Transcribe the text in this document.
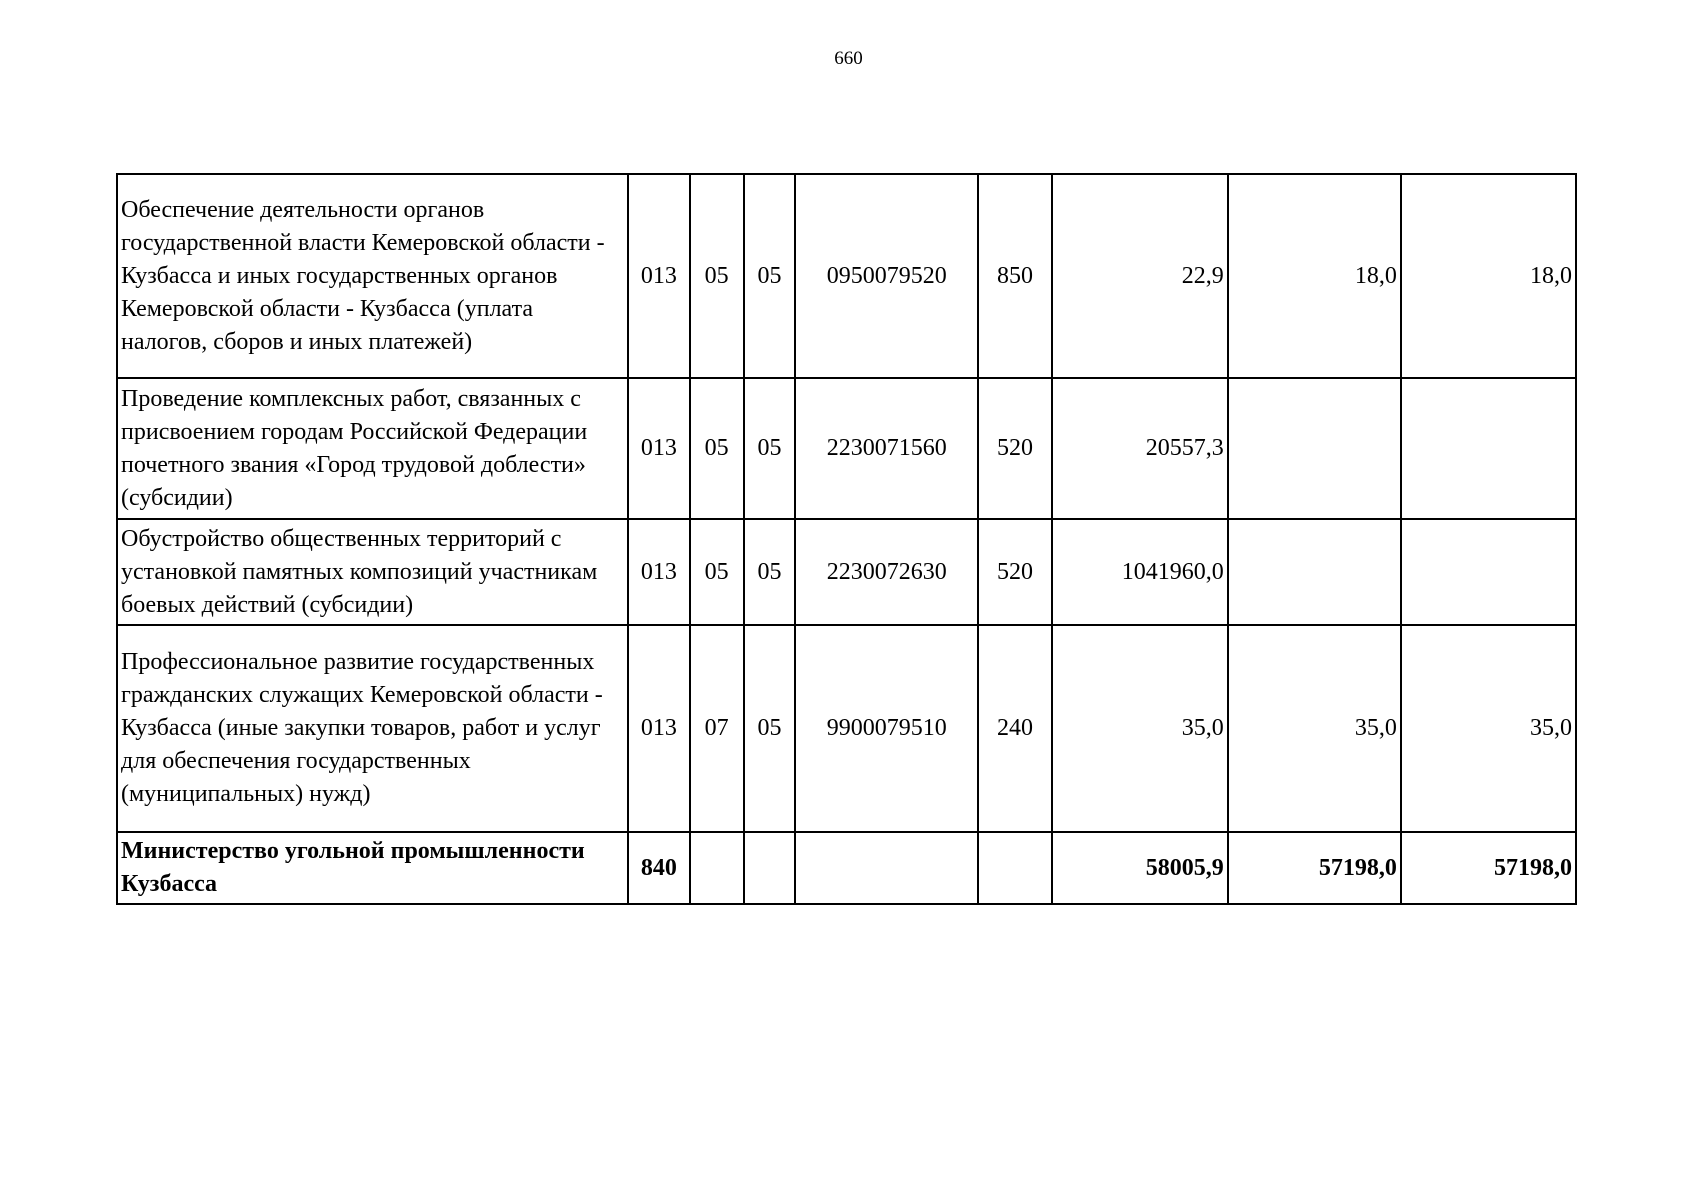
660
Обеспечение деятельности органов государственной власти Кемеровской области - Кузбасса и иных государственных органов Кемеровской области - Кузбасса (уплата налогов, сборов и иных платежей)	013	05	05	0950079520	850	22,9	18,0	18,0
Проведение комплексных работ, связанных с присвоением городам Российской Федерации почетного звания «Город трудовой доблести» (субсидии)	013	05	05	2230071560	520	20557,3		
Обустройство общественных территорий с установкой памятных композиций участникам боевых действий (субсидии)	013	05	05	2230072630	520	1041960,0		
Профессиональное развитие государственных гражданских служащих Кемеровской области - Кузбасса (иные закупки товаров, работ и услуг для обеспечения государственных (муниципальных) нужд)	013	07	05	9900079510	240	35,0	35,0	35,0
Министерство угольной промышленности Кузбасса	840					58005,9	57198,0	57198,0
